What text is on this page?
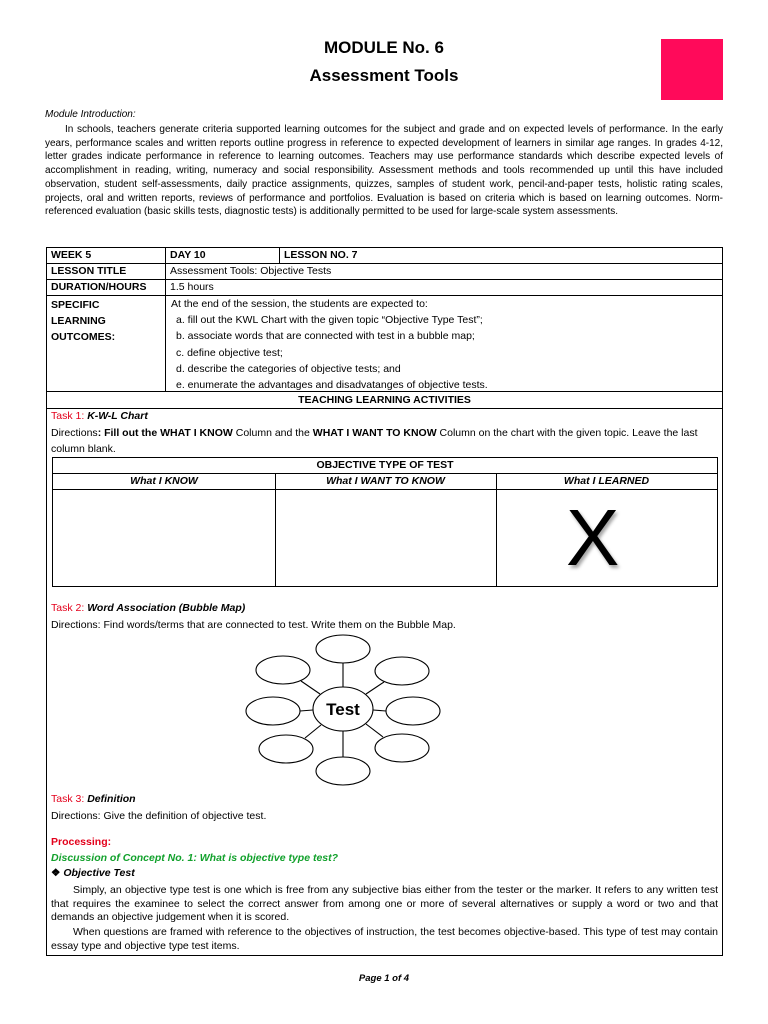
MODULE No. 6
Assessment Tools
Module Introduction:
In schools, teachers generate criteria supported learning outcomes for the subject and grade and on expected levels of performance. In the early years, performance scales and written reports outline progress in reference to expected development of learners in similar age ranges. In grades 4-12, letter grades indicate performance in reference to learning outcomes. Teachers may use performance standards which describe expected levels of accomplishment in reading, writing, numeracy and social responsibility. Assessment methods and tools recommended up until this have included observation, student self-assessments, daily practice assignments, quizzes, samples of student work, pencil-and-paper tests, holistic rating scales, projects, oral and written reports, reviews of performance and portfolios. Evaluation is based on criteria which is based on learning outcomes. Norm-referenced evaluation (basic skills tests, diagnostic tests) is additionally permitted to be used for large-scale system assessments.
WEEK 5	DAY 10	LESSON NO. 7
LESSON TITLE	Assessment Tools: Objective Tests
DURATION/HOURS	1.5 hours
SPECIFIC
LEARNING
OUTCOMES:
At the end of the session, the students are expected to:
a. fill out the KWL Chart with the given topic “Objective Type Test”;
b. associate words that are connected with test in a bubble map;
c. define objective test;
d. describe the categories of objective tests; and
e. enumerate the advantages and disadvatanges of objective tests.
TEACHING LEARNING ACTIVITIES
Task 1: K-W-L Chart
Directions: Fill out the WHAT I KNOW Column and the WHAT I WANT TO KNOW Column on the chart with the given topic. Leave the last column blank.
OBJECTIVE TYPE OF TEST
What I KNOW	What I WANT TO KNOW	What I LEARNED
X
Task 2: Word Association (Bubble Map)
Directions: Find words/terms that are connected to test. Write them on the Bubble Map.
Test
Task 3: Definition
Directions: Give the definition of objective test.
Processing:
Discussion of Concept No. 1: What is objective type test?
❖ Objective Test
Simply, an objective type test is one which is free from any subjective bias either from the tester or the marker. It refers to any written test that requires the examinee to select the correct answer from among one or more of several alternatives or supply a word or two and that demands an objective judgement when it is scored.
When questions are framed with reference to the objectives of instruction, the test becomes objective-based. This type of test may contain essay type and objective type test items.
Page 1 of 4
